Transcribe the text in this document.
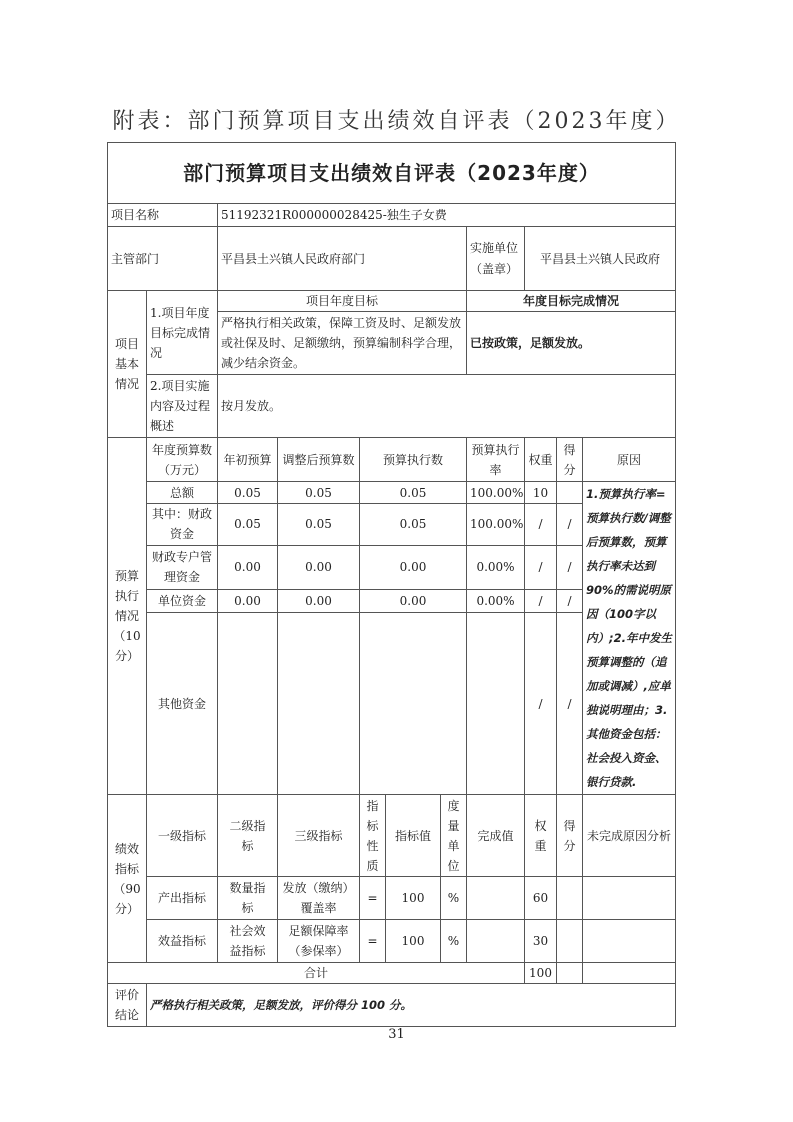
附表：部门预算项目支出绩效自评表（2023年度）
部门预算项目支出绩效自评表（2023年度）										
项目名称		51192321R000000028425-独生子女费								
主管部门		平昌县土兴镇人民政府部门					实施单位（盖章）	平昌县土兴镇人民政府		
项目基本情况	1.项目年度目标完成情况	项目年度目标					年度目标完成情况			
		严格执行相关政策，保障工资及时、足额发放或社保及时、足额缴纳，预算编制科学合理，减少结余资金。					已按政策，足额发放。			
	2.项目实施内容及过程概述	按月发放。								
预算执行情况（10分）	年度预算数（万元）	年初预算	调整后预算数	预算执行数			预算执行率	权重	得分	原因
	总额	0.05	0.05	0.05			100.00%	10		1.预算执行率=预算执行数/调整后预算数，预算执行率未达到90%的需说明原因（100字以内）;2.年中发生预算调整的（追加或调减）,应单独说明理由；3.其他资金包括：社会投入资金、银行贷款.
	其中：财政资金	0.05	0.05	0.05			100.00%	/	/	
	财政专户管理资金	0.00	0.00	0.00			0.00%	/	/	
	单位资金	0.00	0.00	0.00			0.00%	/	/	
	其他资金							/	/	
绩效指标（90分）	一级指标	二级指标	三级指标	指标性质	指标值	度量单位	完成值	权重	得分	未完成原因分析
	产出指标	数量指标	发放（缴纳）覆盖率	=	100	%		60		
	效益指标	社会效益指标	足额保障率（参保率）	=	100	%		30		
合计								100		
评价结论	严格执行相关政策，足额发放，评价得分 100 分。									
31
